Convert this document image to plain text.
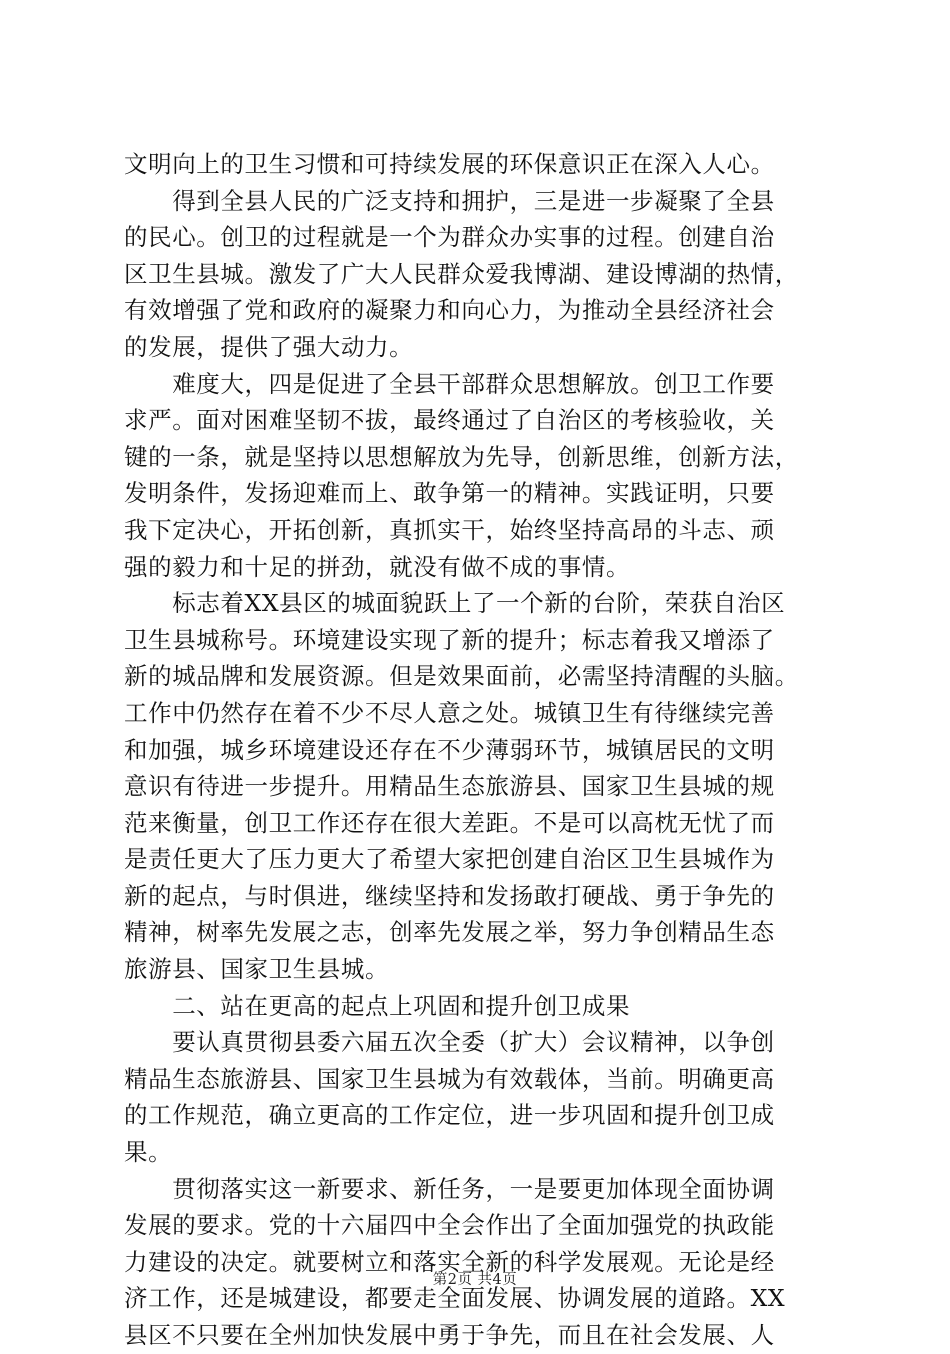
文明向上的卫生习惯和可持续发展的环保意识正在深入人心。
　　得到全县人民的广泛支持和拥护，三是进一步凝聚了全县
的民心。创卫的过程就是一个为群众办实事的过程。创建自治
区卫生县城。激发了广大人民群众爱我博湖、建设博湖的热情，
有效增强了党和政府的凝聚力和向心力，为推动全县经济社会
的发展，提供了强大动力。
　　难度大，四是促进了全县干部群众思想解放。创卫工作要
求严。面对困难坚韧不拔，最终通过了自治区的考核验收，关
键的一条，就是坚持以思想解放为先导，创新思维，创新方法，
发明条件，发扬迎难而上、敢争第一的精神。实践证明，只要
我下定决心，开拓创新，真抓实干，始终坚持高昂的斗志、顽
强的毅力和十足的拼劲，就没有做不成的事情。
　　标志着XX县区的城面貌跃上了一个新的台阶，荣获自治区
卫生县城称号。环境建设实现了新的提升；标志着我又增添了
新的城品牌和发展资源。但是效果面前，必需坚持清醒的头脑。
工作中仍然存在着不少不尽人意之处。城镇卫生有待继续完善
和加强，城乡环境建设还存在不少薄弱环节，城镇居民的文明
意识有待进一步提升。用精品生态旅游县、国家卫生县城的规
范来衡量，创卫工作还存在很大差距。不是可以高枕无忧了而
是责任更大了压力更大了希望大家把创建自治区卫生县城作为
新的起点，与时俱进，继续坚持和发扬敢打硬战、勇于争先的
精神，树率先发展之志，创率先发展之举，努力争创精品生态
旅游县、国家卫生县城。
　　二、站在更高的起点上巩固和提升创卫成果
　　要认真贯彻县委六届五次全委（扩大）会议精神，以争创
精品生态旅游县、国家卫生县城为有效载体，当前。明确更高
的工作规范，确立更高的工作定位，进一步巩固和提升创卫成
果。
　　贯彻落实这一新要求、新任务，一是要更加体现全面协调
发展的要求。党的十六届四中全会作出了全面加强党的执政能
力建设的决定。就要树立和落实全新的科学发展观。无论是经
济工作，还是城建设，都要走全面发展、协调发展的道路。XX
县区不只要在全州加快发展中勇于争先，而且在社会发展、人
第2页 共4页
